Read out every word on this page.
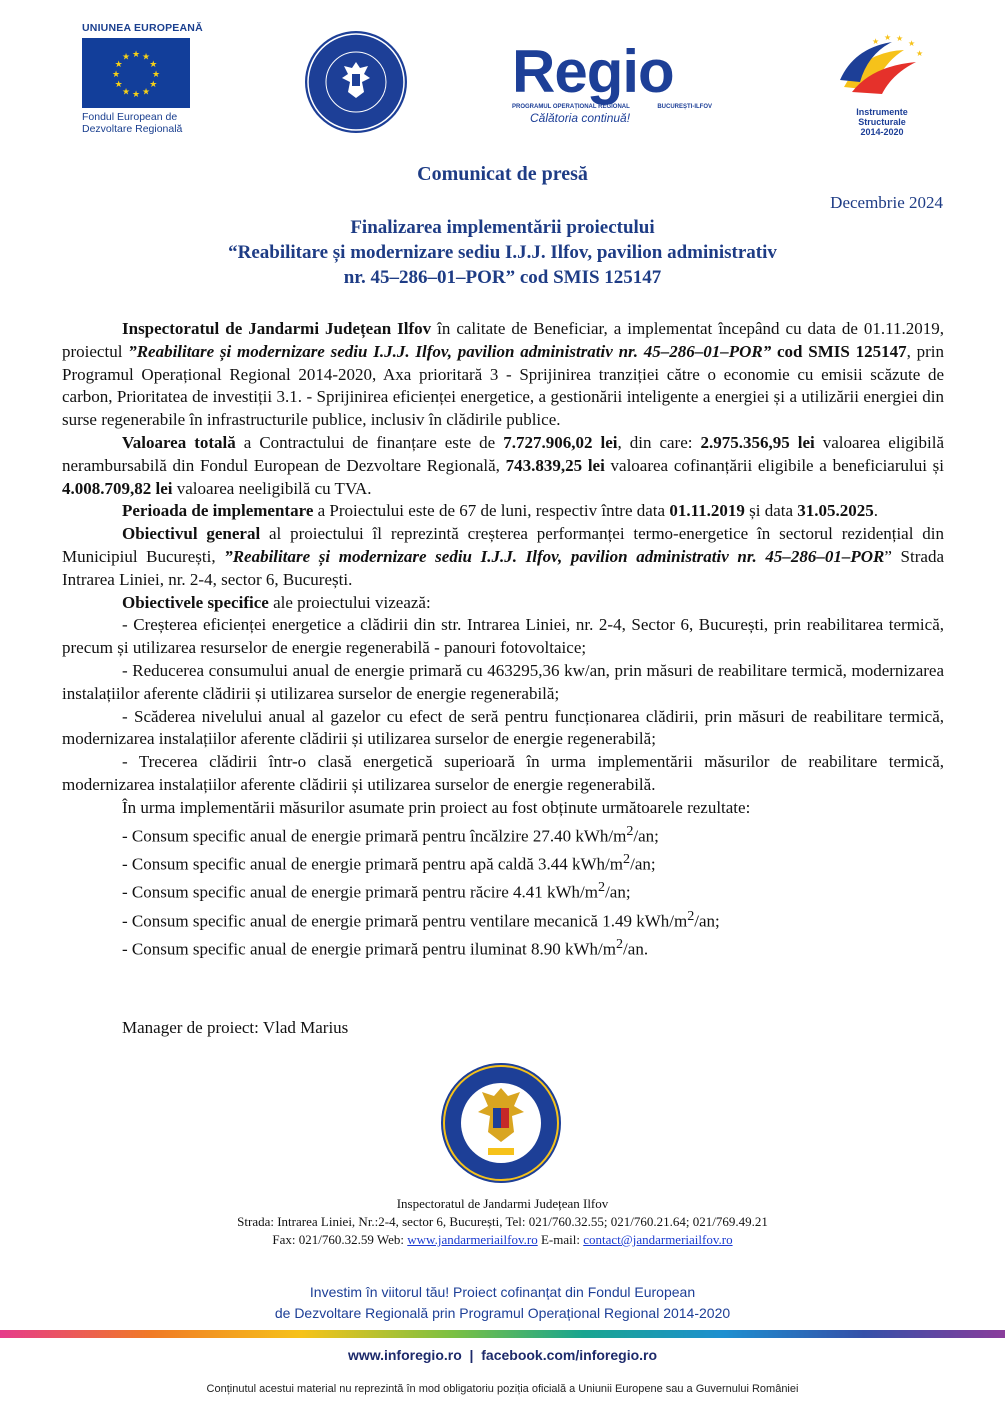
UNIUNEA EUROPEANĂ
★ ★
★
★
★
★
★
★
★
★
★
★
Fondul European de
Dezvoltare Regională
Regio
PROGRAMUL OPERAȚIONAL REGIONAL	BUCUREȘTI-ILFOV
Călătoria continuă!
★ ★ ★
★
★
Instrumente Structurale
2014-2020
Comunicat de presă
Decembrie 2024
Finalizarea implementării proiectului
“Reabilitare și modernizare sediu I.J.J. Ilfov, pavilion administrativ
nr. 45–286–01–POR” cod SMIS 125147

Inspectoratul de Jandarmi Județean Ilfov în calitate de Beneficiar, a implementat începând cu data de 01.11.2019, proiectul ”Reabilitare și modernizare sediu I.J.J. Ilfov, pavilion administrativ nr. 45–286–01–POR” cod SMIS 125147, prin Programul Operațional Regional 2014-2020, Axa prioritară 3 - Sprijinirea tranziției către o economie cu emisii scăzute de carbon, Prioritatea de investiții 3.1. - Sprijinirea eficienței energetice, a gestionării inteligente a energiei și a utilizării energiei din surse regenerabile în infrastructurile publice, inclusiv în clădirile publice.

Valoarea totală a Contractului de finanțare este de 7.727.906,02 lei, din care: 2.975.356,95 lei valoarea eligibilă nerambursabilă din Fondul European de Dezvoltare Regională, 743.839,25 lei valoarea cofinanțării eligibile a beneficiarului și 4.008.709,82 lei valoarea neeligibilă cu TVA.

Perioada de implementare a Proiectului este de 67 de luni, respectiv între data 01.11.2019 și data 31.05.2025.

Obiectivul general al proiectului îl reprezintă creșterea performanței termo-energetice în sectorul rezidențial din Municipiul București, ”Reabilitare și modernizare sediu I.J.J. Ilfov, pavilion administrativ nr. 45–286–01–POR” Strada Intrarea Liniei, nr. 2-4, sector 6, București.

Obiectivele specifice ale proiectului vizează:

- Creșterea eficienței energetice a clădirii din str. Intrarea Liniei, nr. 2-4, Sector 6, București, prin reabilitarea termică, precum și utilizarea resurselor de energie regenerabilă - panouri fotovoltaice;

- Reducerea consumului anual de energie primară cu 463295,36 kw/an, prin măsuri de reabilitare termică, modernizarea instalațiilor aferente clădirii și utilizarea surselor de energie regenerabilă;

- Scăderea nivelului anual al gazelor cu efect de seră pentru funcționarea clădirii, prin măsuri de reabilitare termică, modernizarea instalațiilor aferente clădirii și utilizarea surselor de energie regenerabilă;

- Trecerea clădirii într-o clasă energetică superioară în urma implementării măsurilor de reabilitare termică, modernizarea instalațiilor aferente clădirii și utilizarea surselor de energie regenerabilă.

În urma implementării măsurilor asumate prin proiect au fost obținute următoarele rezultate:

- Consum specific anual de energie primară pentru încălzire 27.40 kWh/$m^2/an$;

- Consum specific anual de energie primară pentru apă caldă 3.44 kWh/$m^2/an$;

- Consum specific anual de energie primară pentru răcire 4.41 kWh/$m^2/an$;

- Consum specific anual de energie primară pentru ventilare mecanică 1.49 kWh/$m^2/an$;

- Consum specific anual de energie primară pentru iluminat 8.90 kWh/$m^2/an$.

Manager de proiect: Vlad Marius
Inspectoratul de Jandarmi Județean Ilfov
Strada: Intrarea Liniei, Nr.:2-4, sector 6, București, Tel: 021/760.32.55; 021/760.21.64; 021/769.49.21
Fax: 021/760.32.59 Web: www.jandarmeriailfov.ro E-mail: contact@jandarmeriailfov.ro
Investim în viitorul tău! Proiect cofinanțat din Fondul European
de Dezvoltare Regională prin Programul Operațional Regional 2014-2020
www.inforegio.ro  |  facebook.com/inforegio.ro
Conținutul acestui material nu reprezintă în mod obligatoriu poziția oficială a Uniunii Europene sau a Guvernului României
